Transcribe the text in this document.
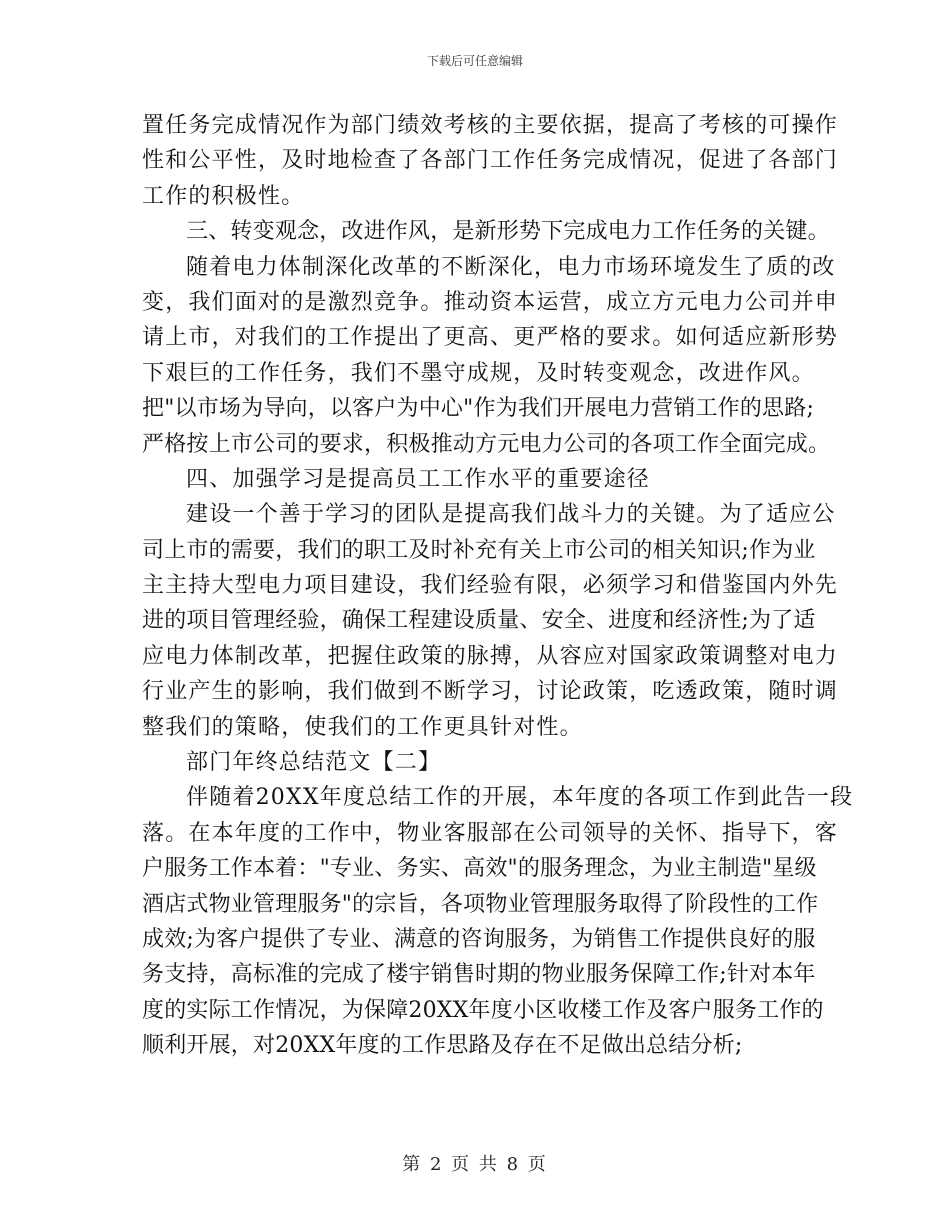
下载后可任意编辑
置任务完成情况作为部门绩效考核的主要依据，提高了考核的可操作
性和公平性，及时地检查了各部门工作任务完成情况，促进了各部门
工作的积极性。
三、转变观念，改进作风，是新形势下完成电力工作任务的关键。
随着电力体制深化改革的不断深化，电力市场环境发生了质的改
变，我们面对的是激烈竞争。推动资本运营，成立方元电力公司并申
请上市，对我们的工作提出了更高、更严格的要求。如何适应新形势
下艰巨的工作任务，我们不墨守成规，及时转变观念，改进作风。
把"以市场为导向，以客户为中心"作为我们开展电力营销工作的思路;
严格按上市公司的要求，积极推动方元电力公司的各项工作全面完成。
四、加强学习是提高员工工作水平的重要途径
建设一个善于学习的团队是提高我们战斗力的关键。为了适应公
司上市的需要，我们的职工及时补充有关上市公司的相关知识;作为业
主主持大型电力项目建设，我们经验有限，必须学习和借鉴国内外先
进的项目管理经验，确保工程建设质量、安全、进度和经济性;为了适
应电力体制改革，把握住政策的脉搏，从容应对国家政策调整对电力
行业产生的影响，我们做到不断学习，讨论政策，吃透政策，随时调
整我们的策略，使我们的工作更具针对性。
部门年终总结范文【二】
伴随着20XX年度总结工作的开展，本年度的各项工作到此告一段
落。在本年度的工作中，物业客服部在公司领导的关怀、指导下，客
户服务工作本着："专业、务实、高效"的服务理念，为业主制造"星级
酒店式物业管理服务"的宗旨，各项物业管理服务取得了阶段性的工作
成效;为客户提供了专业、满意的咨询服务，为销售工作提供良好的服
务支持，高标准的完成了楼宇销售时期的物业服务保障工作;针对本年
度的实际工作情况，为保障20XX年度小区收楼工作及客户服务工作的
顺利开展，对20XX年度的工作思路及存在不足做出总结分析;
第 2 页 共 8 页
